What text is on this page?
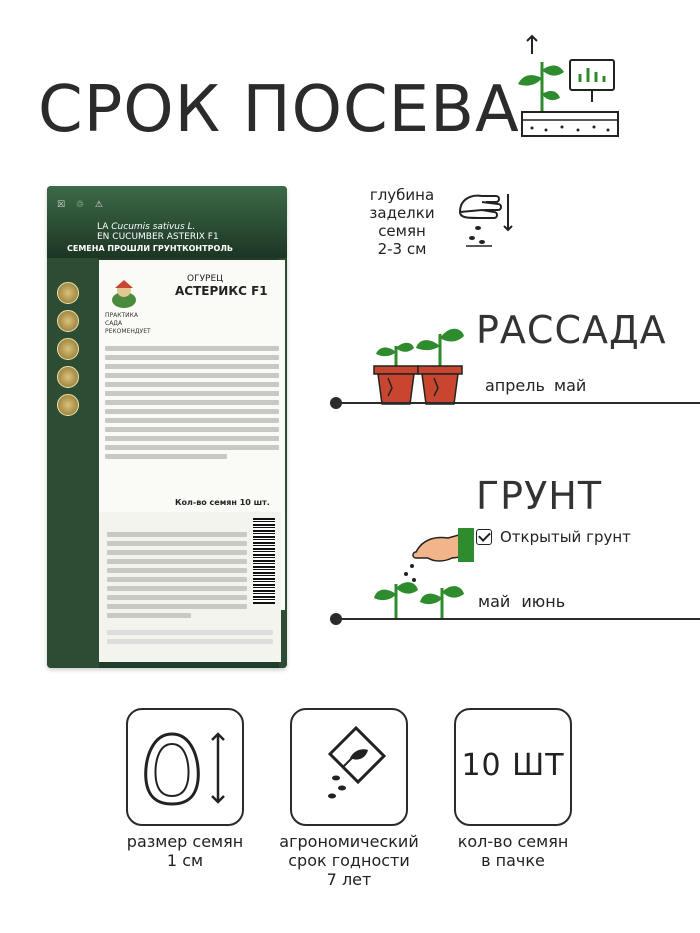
СРОК ПОСЕВА
☒ ♲ ⚠
LA Cucumis sativus L.
EN CUCUMBER ASTERIX F1
СЕМЕНА ПРОШЛИ ГРУНТКОНТРОЛЬ
ПРАКТИКА САДА РЕКОМЕНДУЕТ
ОГУРЕЦ
АСТЕРИКС F1
Кол-во семян 10 шт.
глубина
заделки
семян
2-3 см
РАССАДА
апрель май
ГРУНТ
Открытый грунт
май июнь
10 ШТ
размер семян
1 см
агрономический
срок годности
7 лет
кол-во семян
в пачке
